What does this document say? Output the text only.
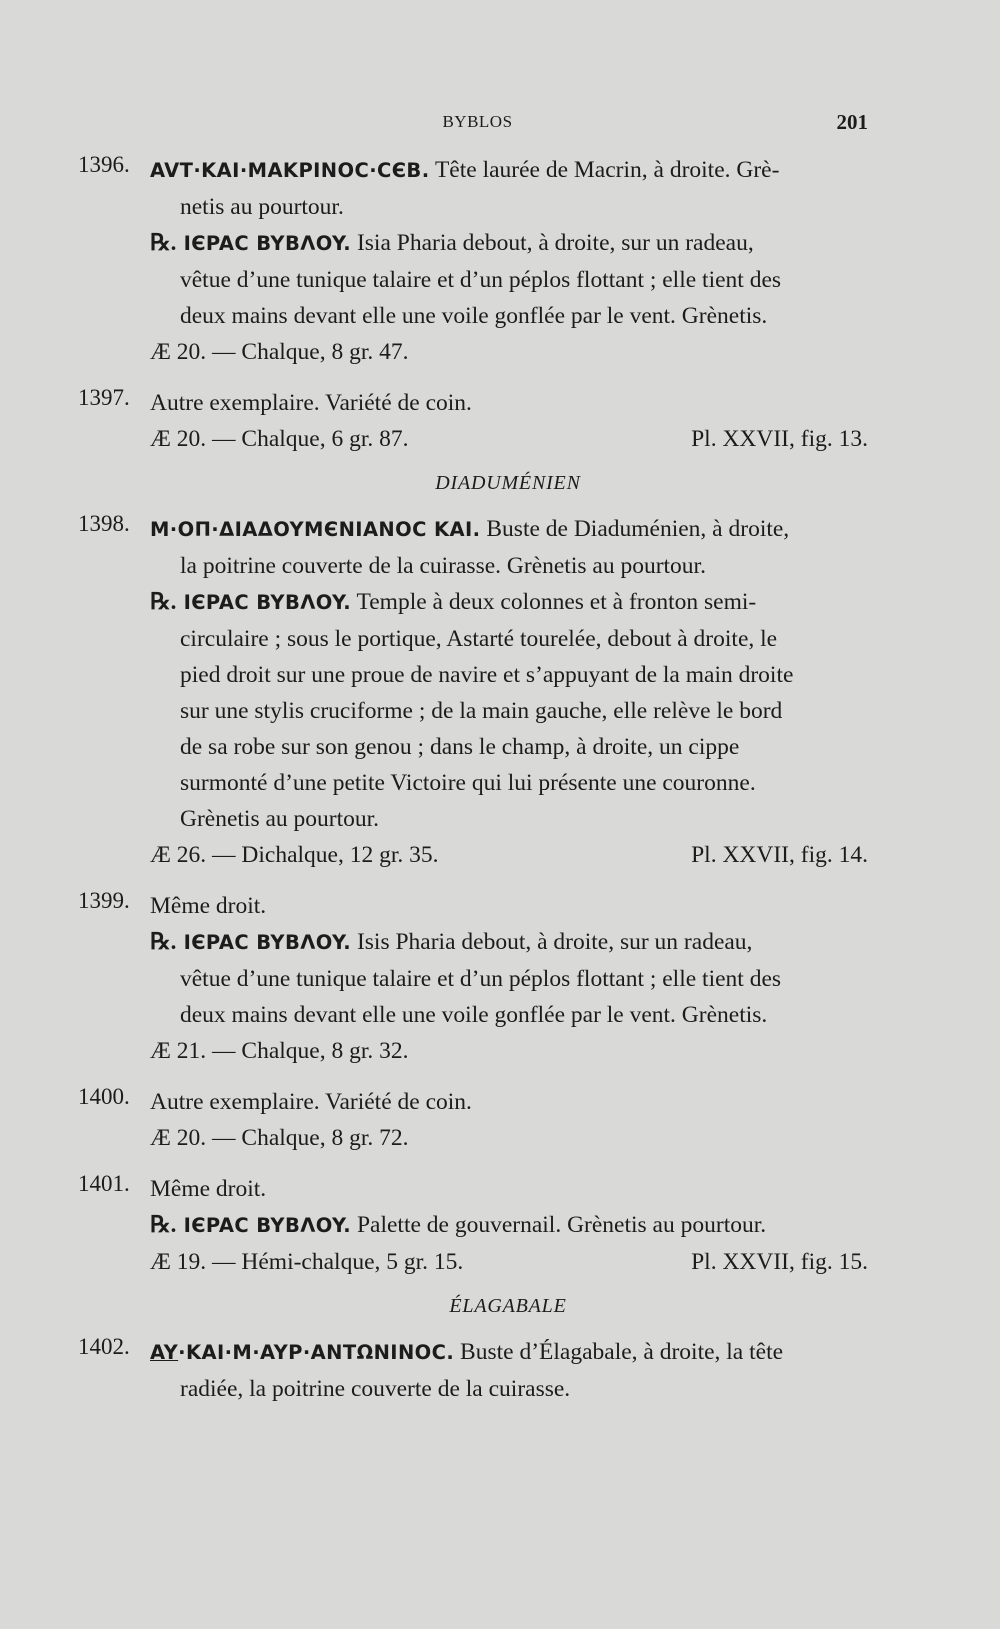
BYBLOS	201
1396. AVT·KAI·MAKPINOC·CЄB. Tête laurée de Macrin, à droite. Grè-
netis au pourtour.
℞. IЄPAC BYBΛOY. Isia Pharia debout, à droite, sur un radeau,
vêtue d’une tunique talaire et d’un péplos flottant ; elle tient des
deux mains devant elle une voile gonflée par le vent. Grènetis.
Æ 20. — Chalque, 8 gr. 47.
1397. Autre exemplaire. Variété de coin.
Æ 20. — Chalque, 6 gr. 87.	Pl. XXVII, fig. 13.
DIADUMÉNIEN
1398. M·OΠ·ΔIAΔOYMЄNIANOC KAI. Buste de Diaduménien, à droite,
la poitrine couverte de la cuirasse. Grènetis au pourtour.
℞. IЄPAC BYBΛOY. Temple à deux colonnes et à fronton semi-
circulaire ; sous le portique, Astarté tourelée, debout à droite, le
pied droit sur une proue de navire et s’appuyant de la main droite
sur une stylis cruciforme ; de la main gauche, elle relève le bord
de sa robe sur son genou ; dans le champ, à droite, un cippe
surmonté d’une petite Victoire qui lui présente une couronne.
Grènetis au pourtour.
Æ 26. — Dichalque, 12 gr. 35.	Pl. XXVII, fig. 14.
1399. Même droit.
℞. IЄPAC BYBΛOY. Isis Pharia debout, à droite, sur un radeau,
vêtue d’une tunique talaire et d’un péplos flottant ; elle tient des
deux mains devant elle une voile gonflée par le vent. Grènetis.
Æ 21. — Chalque, 8 gr. 32.
1400. Autre exemplaire. Variété de coin.
Æ 20. — Chalque, 8 gr. 72.
1401. Même droit.
℞. IЄPAC BYBΛOY. Palette de gouvernail. Grènetis au pourtour.
Æ 19. — Hémi-chalque, 5 gr. 15.	Pl. XXVII, fig. 15.
ÉLAGABALE
1402. AY·KAI·M·AYP·ANTΩNINOC. Buste d’Élagabale, à droite, la tête
radiée, la poitrine couverte de la cuirasse.
